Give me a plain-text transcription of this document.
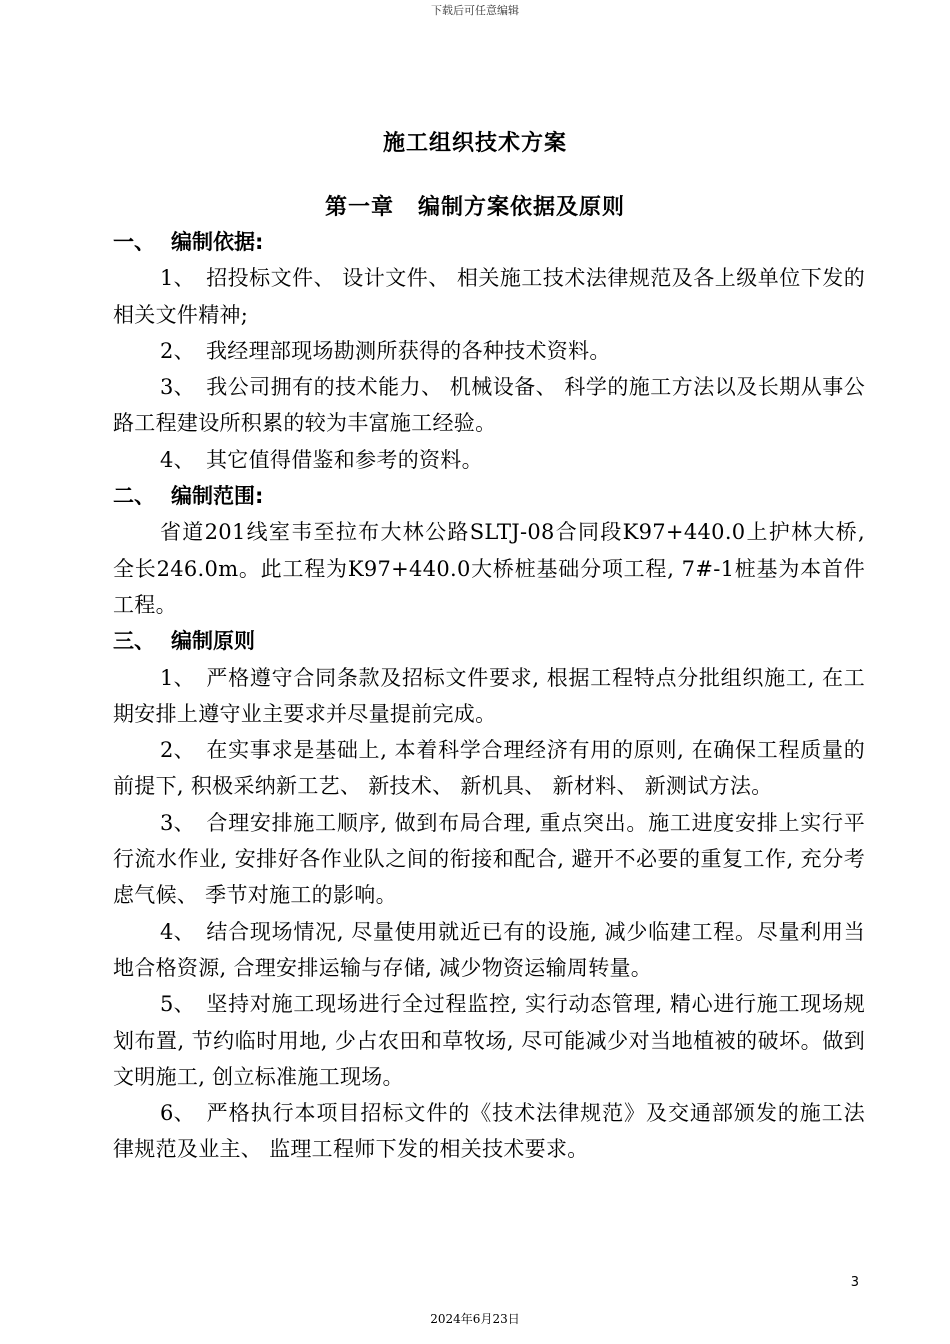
下载后可任意编辑
施工组织技术方案
第一章 编制方案依据及原则
一、 编制依据:

1、 招投标文件、 设计文件、 相关施工技术法律规范及各上级单位下发的相关文件精神;

2、 我经理部现场勘测所获得的各种技术资料。

3、 我公司拥有的技术能力、 机械设备、 科学的施工方法以及长期从事公路工程建设所积累的较为丰富施工经验。

4、 其它值得借鉴和参考的资料。

二、 编制范围:

省道201线室韦至拉布大林公路SLTJ-08合同段K97+440.0上护林大桥, 全长246.0m。此工程为K97+440.0大桥桩基础分项工程, 7#-1桩基为本首件工程。

三、 编制原则

1、 严格遵守合同条款及招标文件要求, 根据工程特点分批组织施工, 在工期安排上遵守业主要求并尽量提前完成。

2、 在实事求是基础上, 本着科学合理经济有用的原则, 在确保工程质量的前提下, 积极采纳新工艺、 新技术、 新机具、 新材料、 新测试方法。

3、 合理安排施工顺序, 做到布局合理, 重点突出。施工进度安排上实行平行流水作业, 安排好各作业队之间的衔接和配合, 避开不必要的重复工作, 充分考虑气候、 季节对施工的影响。

4、 结合现场情况, 尽量使用就近已有的设施, 减少临建工程。尽量利用当地合格资源, 合理安排运输与存储, 减少物资运输周转量。

5、 坚持对施工现场进行全过程监控, 实行动态管理, 精心进行施工现场规划布置, 节约临时用地, 少占农田和草牧场, 尽可能减少对当地植被的破坏。做到文明施工, 创立标准施工现场。

6、 严格执行本项目招标文件的《技术法律规范》及交通部颁发的施工法律规范及业主、 监理工程师下发的相关技术要求。

3
2024年6月23日
